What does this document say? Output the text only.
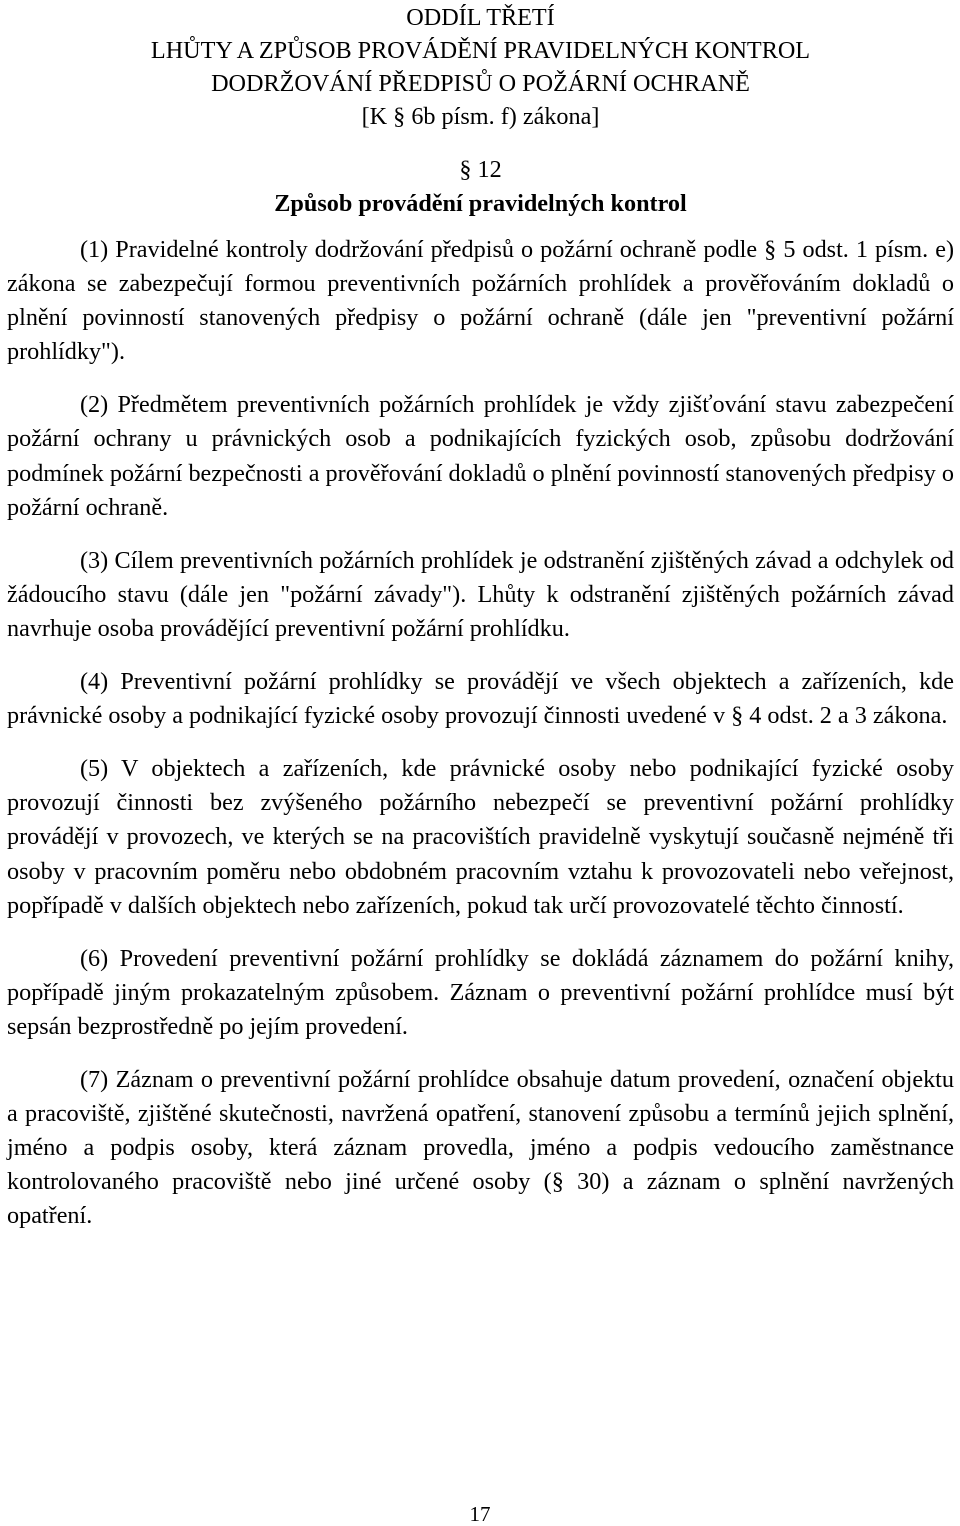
ODDÍL TŘETÍ
LHŮTY A ZPŮSOB PROVÁDĚNÍ PRAVIDELNÝCH KONTROL
DODRŽOVÁNÍ PŘEDPISŮ O POŽÁRNÍ OCHRANĚ
[K § 6b písm. f) zákona]
§ 12
Způsob provádění pravidelných kontrol

(1) Pravidelné kontroly dodržování předpisů o požární ochraně podle § 5 odst. 1 písm. e) zákona se zabezpečují formou preventivních požárních prohlídek a prověřováním dokladů o plnění povinností stanovených předpisy o požární ochraně (dále jen "preventivní požární prohlídky").

(2) Předmětem preventivních požárních prohlídek je vždy zjišťování stavu zabezpečení požární ochrany u právnických osob a podnikajících fyzických osob, způsobu dodržování podmínek požární bezpečnosti a prověřování dokladů o plnění povinností stanovených předpisy o požární ochraně.

(3) Cílem preventivních požárních prohlídek je odstranění zjištěných závad a odchylek od žádoucího stavu (dále jen "požární závady"). Lhůty k odstranění zjištěných požárních závad navrhuje osoba provádějící preventivní požární prohlídku.

(4) Preventivní požární prohlídky se provádějí ve všech objektech a zařízeních, kde právnické osoby a podnikající fyzické osoby provozují činnosti uvedené v § 4 odst. 2 a 3 zákona.

(5) V objektech a zařízeních, kde právnické osoby nebo podnikající fyzické osoby provozují činnosti bez zvýšeného požárního nebezpečí se preventivní požární prohlídky provádějí v provozech, ve kterých se na pracovištích pravidelně vyskytují současně nejméně tři osoby v pracovním poměru nebo obdobném pracovním vztahu k provozovateli nebo veřejnost, popřípadě v dalších objektech nebo zařízeních, pokud tak určí provozovatelé těchto činností.

(6) Provedení preventivní požární prohlídky se dokládá záznamem do požární knihy, popřípadě jiným prokazatelným způsobem. Záznam o preventivní požární prohlídce musí být sepsán bezprostředně po jejím provedení.

(7) Záznam o preventivní požární prohlídce obsahuje datum provedení, označení objektu a pracoviště, zjištěné skutečnosti, navržená opatření, stanovení způsobu a termínů jejich splnění, jméno a podpis osoby, která záznam provedla, jméno a podpis vedoucího zaměstnance kontrolovaného pracoviště nebo jiné určené osoby (§ 30) a záznam o splnění navržených opatření.

17
